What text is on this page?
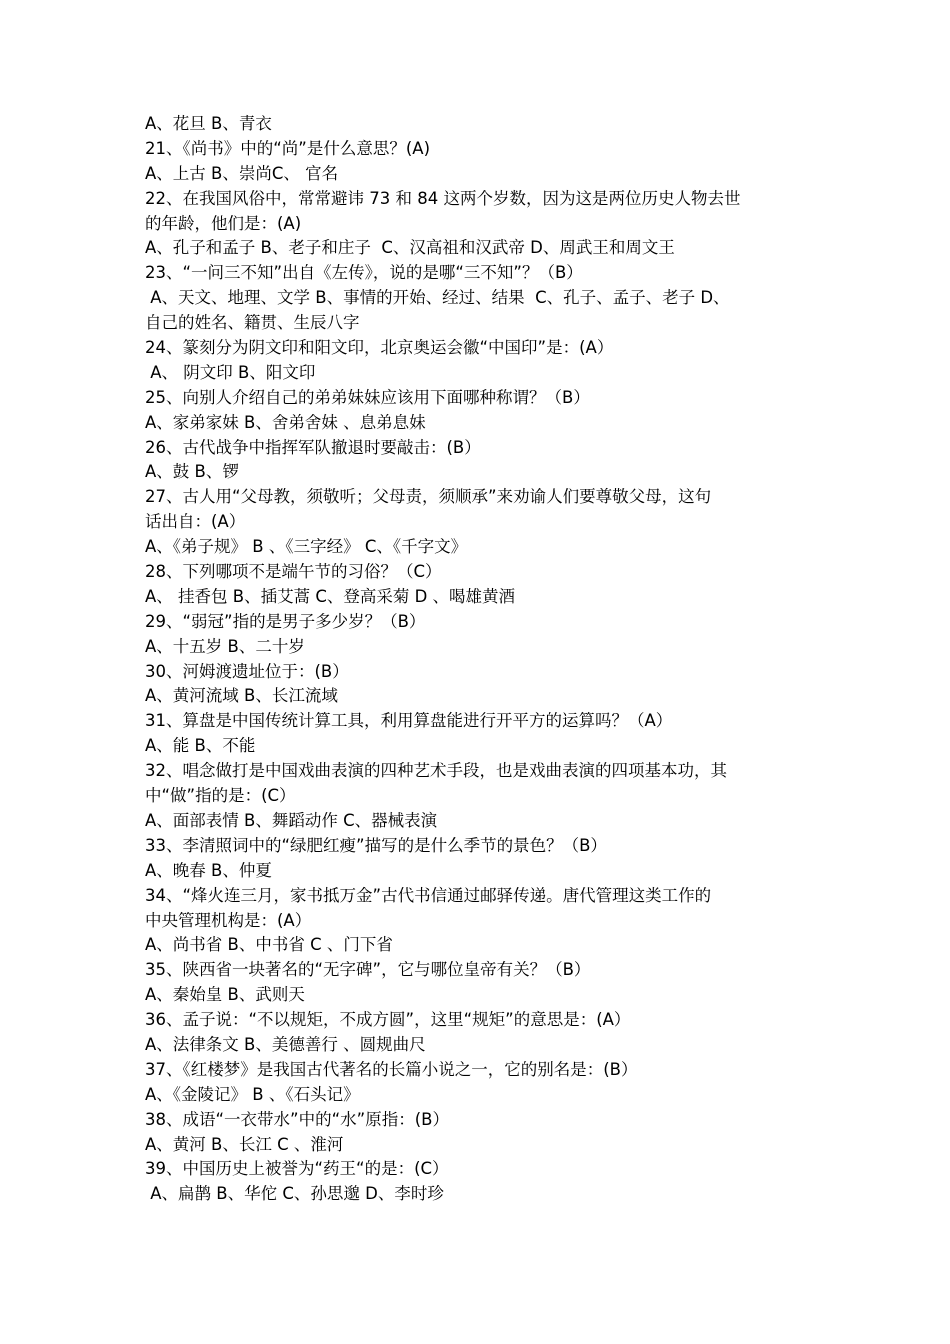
A、花旦 B、青衣
21、《尚书》中的“尚”是什么意思？(A)
A、上古 B、崇尚C、 官名
22、在我国风俗中，常常避讳 73 和 84 这两个岁数，因为这是两位历史人物去世
的年龄，他们是：(A)
A、孔子和孟子 B、老子和庄子  C、汉高祖和汉武帝 D、周武王和周文王
23、“一问三不知”出自《左传》，说的是哪“三不知”？（B）
A、天文、地理、文学 B、事情的开始、经过、结果  C、孔子、孟子、老子 D、
自己的姓名、籍贯、生辰八字
24、篆刻分为阴文印和阳文印，北京奥运会徽“中国印”是：(A）
A、 阴文印 B、阳文印
25、向别人介绍自己的弟弟妹妹应该用下面哪种称谓？（B）
A、家弟家妹 B、舍弟舍妹 、息弟息妹
26、古代战争中指挥军队撤退时要敲击：(B）
A、鼓 B、锣
27、古人用“父母教，须敬听；父母责，须顺承”来劝谕人们要尊敬父母，这句
话出自：(A）
A、《弟子规》 B 、《三字经》 C、《千字文》
28、下列哪项不是端午节的习俗？（C）
A、 挂香包 B、插艾蒿 C、登高采菊 D 、喝雄黄酒
29、“弱冠”指的是男子多少岁？（B）
A、十五岁 B、二十岁
30、河姆渡遗址位于：(B）
A、黄河流域 B、长江流域
31、算盘是中国传统计算工具，利用算盘能进行开平方的运算吗？（A）
A、能 B、不能
32、唱念做打是中国戏曲表演的四种艺术手段，也是戏曲表演的四项基本功，其
中“做”指的是：(C）
A、面部表情 B、舞蹈动作 C、器械表演
33、李清照词中的“绿肥红瘦”描写的是什么季节的景色？（B）
A、晚春 B、仲夏
34、“烽火连三月，家书抵万金”古代书信通过邮驿传递。唐代管理这类工作的
中央管理机构是：(A）
A、尚书省 B、中书省 C 、门下省
35、陕西省一块著名的“无字碑”，它与哪位皇帝有关？（B）
A、秦始皇 B、武则天
36、孟子说：“不以规矩，不成方圆”，这里“规矩”的意思是：(A）
A、法律条文 B、美德善行 、圆规曲尺
37、《红楼梦》是我国古代著名的长篇小说之一，它的别名是：(B）
A、《金陵记》 B 、《石头记》
38、成语“一衣带水”中的“水”原指：(B）
A、黄河 B、长江 C 、淮河
39、中国历史上被誉为“药王“的是：(C）
A、扁鹊 B、华佗 C、孙思邈 D、李时珍
